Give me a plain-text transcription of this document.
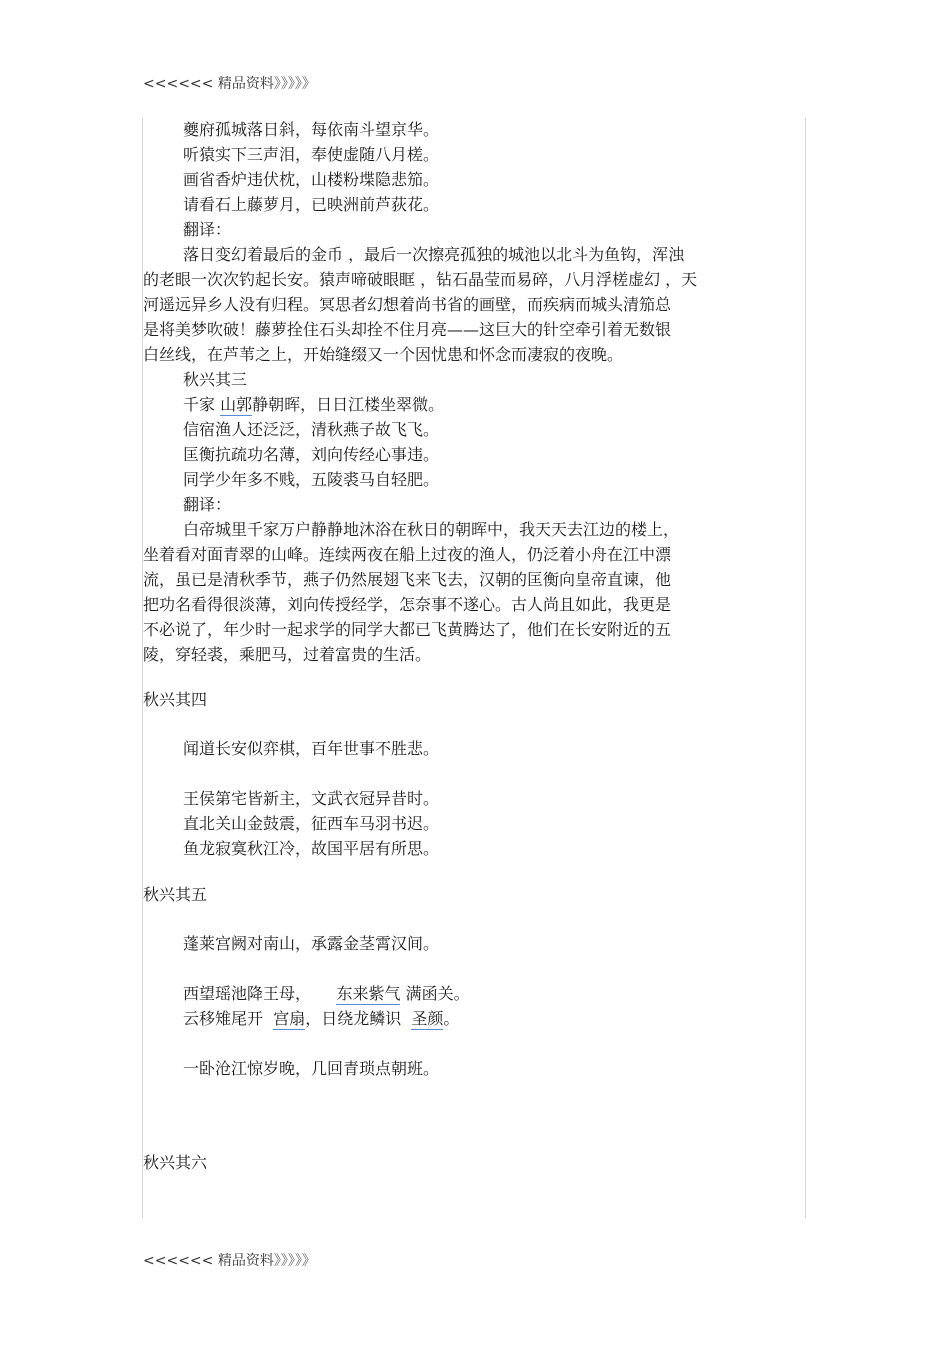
<<<<<< 精品资料》》》》》
夔府孤城落日斜，每依南斗望京华。
听猿实下三声泪，奉使虚随八月槎。
画省香炉违伏枕，山楼粉堞隐悲笳。
请看石上藤萝月，已映洲前芦荻花。
翻译：
落日变幻着最后的金币 ，最后一次擦亮孤独的城池以北斗为鱼钩，浑浊
的老眼一次次钓起长安。猿声啼破眼眶 ，钻石晶莹而易碎，八月浮槎虚幻 ，天
河遥远异乡人没有归程。冥思者幻想着尚书省的画壁，而疾病而城头清笳总
是将美梦吹破！藤萝拴住石头却拴不住月亮——这巨大的针空牵引着无数银
白丝线，在芦苇之上，开始缝缀又一个因忧患和怀念而凄寂的夜晚。
秋兴其三
千家 山郭静朝晖，日日江楼坐翠微。
信宿渔人还泛泛，清秋燕子故飞飞。
匡衡抗疏功名薄，刘向传经心事违。
同学少年多不贱，五陵裘马自轻肥。
翻译：
白帝城里千家万户静静地沐浴在秋日的朝晖中，我天天去江边的楼上，
坐着看对面青翠的山峰。连续两夜在船上过夜的渔人，仍泛着小舟在江中漂
流，虽已是清秋季节，燕子仍然展翅飞来飞去，汉朝的匡衡向皇帝直谏，他
把功名看得很淡薄，刘向传授经学，怎奈事不遂心。古人尚且如此，我更是
不必说了，年少时一起求学的同学大都已飞黄腾达了，他们在长安附近的五
陵，穿轻裘，乘肥马，过着富贵的生活。
秋兴其四
闻道长安似弈棋，百年世事不胜悲。
王侯第宅皆新主，文武衣冠异昔时。
直北关山金鼓震，征西车马羽书迟。
鱼龙寂寞秋江冷，故国平居有所思。
秋兴其五
蓬莱宫阙对南山，承露金茎霄汉间。
西望瑶池降王母， 东来紫气 满函关。
云移雉尾开 宫扇，日绕龙鳞识 圣颜。
一卧沧江惊岁晚，几回青琐点朝班。
秋兴其六
<<<<<< 精品资料》》》》》
